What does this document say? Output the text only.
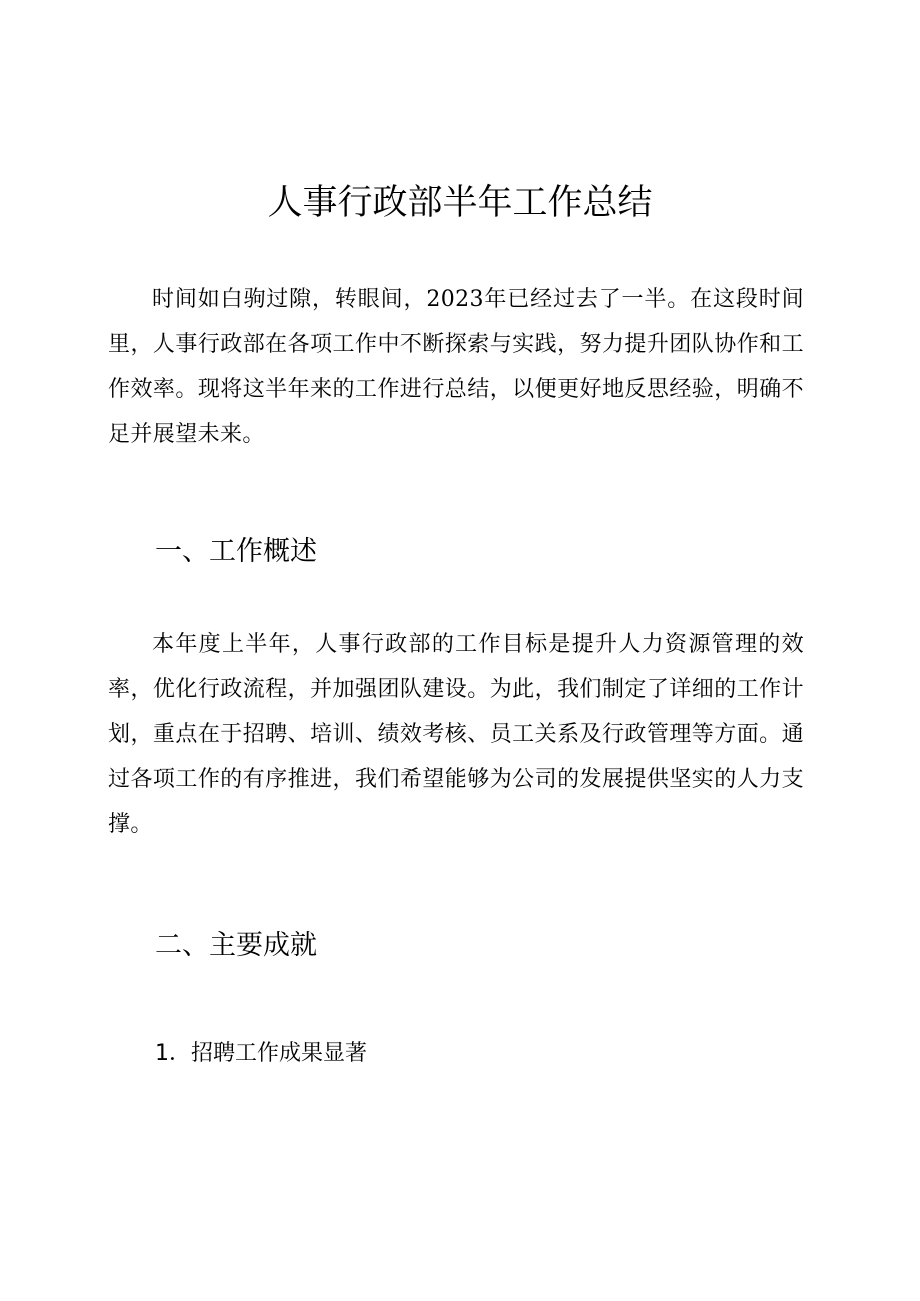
人事行政部半年工作总结

时间如白驹过隙，转眼间，2023年已经过去了一半。在这段时间里，人事行政部在各项工作中不断探索与实践，努力提升团队协作和工作效率。现将这半年来的工作进行总结，以便更好地反思经验，明确不足并展望未来。

一、工作概述

本年度上半年，人事行政部的工作目标是提升人力资源管理的效率，优化行政流程，并加强团队建设。为此，我们制定了详细的工作计划，重点在于招聘、培训、绩效考核、员工关系及行政管理等方面。通过各项工作的有序推进，我们希望能够为公司的发展提供坚实的人力支撑。

二、主要成就
1．招聘工作成果显著
